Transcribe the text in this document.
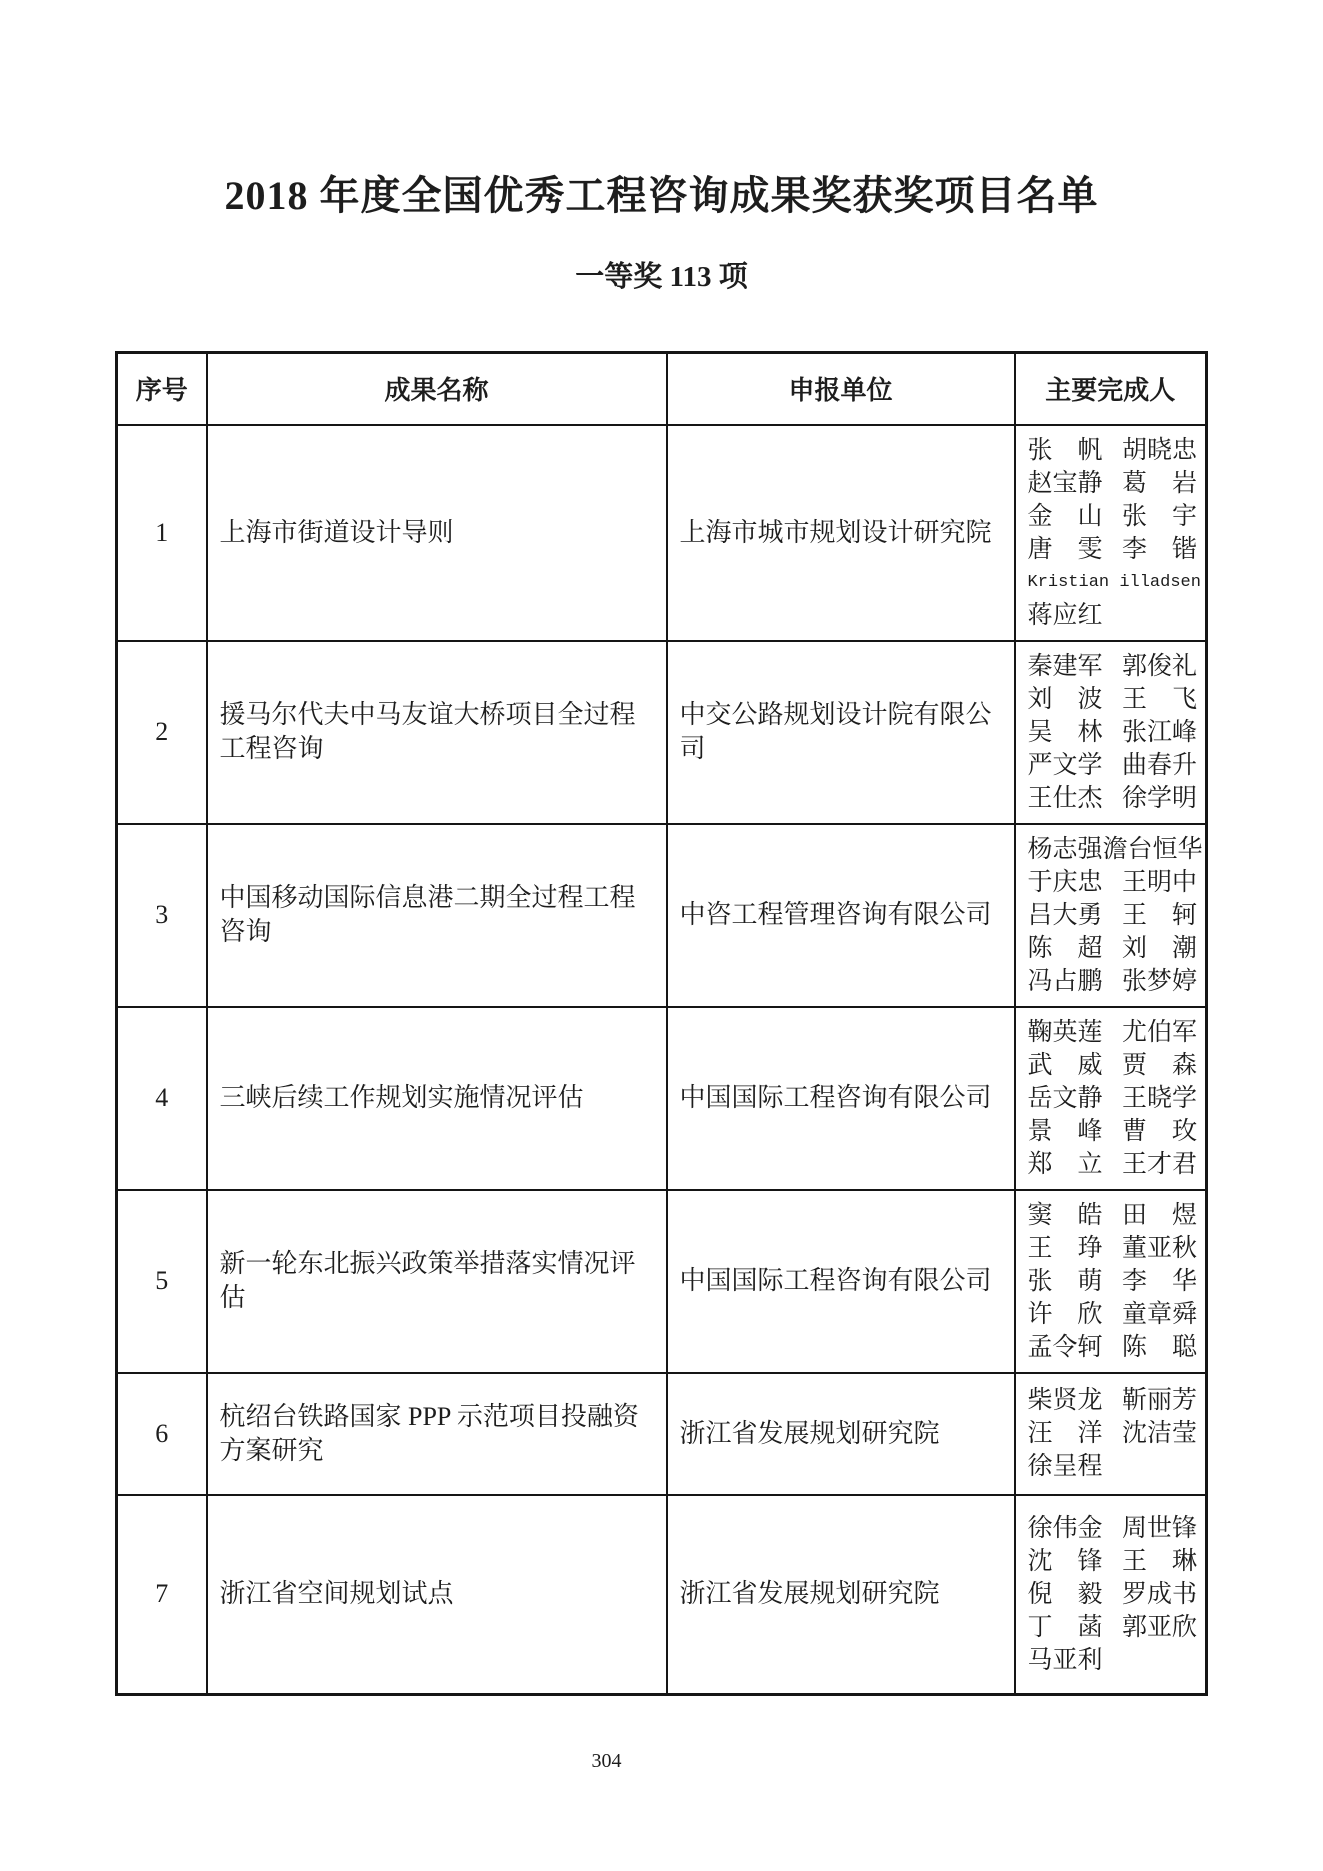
2018 年度全国优秀工程咨询成果奖获奖项目名单
一等奖 113 项
序号	成果名称	申报单位	主要完成人
1	上海市街道设计导则	上海市城市规划设计研究院	
张　帆 胡晓忠
赵宝静 葛　岩
金　山 张　宇
唐　雯 李　锴
Kristian illadsen
蒋应红

2	援马尔代夫中马友谊大桥项目全过程工程咨询	中交公路规划设计院有限公司	
秦建军 郭俊礼
刘　波 王　飞
吴　林 张江峰
严文学 曲春升
王仕杰 徐学明

3	中国移动国际信息港二期全过程工程咨询	中咨工程管理咨询有限公司	
杨志强 澹台恒华
于庆忠 王明中
吕大勇 王　轲
陈　超 刘　潮
冯占鹏 张梦婷

4	三峡后续工作规划实施情况评估	中国国际工程咨询有限公司	
鞠英莲 尤伯军
武　威 贾　森
岳文静 王晓学
景　峰 曹　玫
郑　立 王才君

5	新一轮东北振兴政策举措落实情况评估	中国国际工程咨询有限公司	
窦　皓 田　煜
王　琤 董亚秋
张　萌 李　华
许　欣 童章舜
孟令轲 陈　聪

6	杭绍台铁路国家 PPP 示范项目投融资方案研究	浙江省发展规划研究院	柴贤龙 靳丽芳
汪　洋 沈洁莹
徐呈程

7	浙江省空间规划试点	浙江省发展规划研究院	
徐伟金 周世锋
沈　锋 王　琳
倪　毅 罗成书
丁　菡 郭亚欣
马亚利
304
